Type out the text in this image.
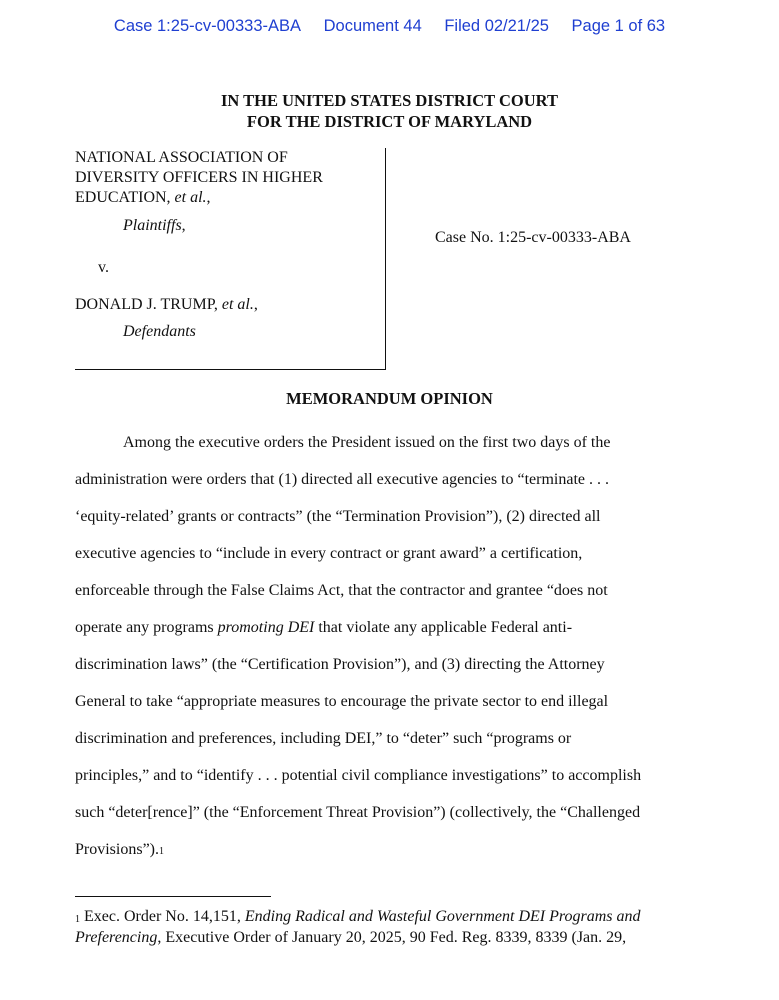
Case 1:25-cv-00333-ABA Document 44 Filed 02/21/25 Page 1 of 63
IN THE UNITED STATES DISTRICT COURT
FOR THE DISTRICT OF MARYLAND
NATIONAL ASSOCIATION OF
DIVERSITY OFFICERS IN HIGHER
EDUCATION, et al.,
Plaintiffs,
v.
DONALD J. TRUMP, et al.,
Defendants
Case No. 1:25-cv-00333-ABA
MEMORANDUM OPINION
Among the executive orders the President issued on the first two days of the
administration were orders that (1) directed all executive agencies to “terminate . . .
‘equity-related’ grants or contracts” (the “Termination Provision”), (2) directed all
executive agencies to “include in every contract or grant award” a certification,
enforceable through the False Claims Act, that the contractor and grantee “does not
operate any programs promoting DEI that violate any applicable Federal anti-
discrimination laws” (the “Certification Provision”), and (3) directing the Attorney
General to take “appropriate measures to encourage the private sector to end illegal
discrimination and preferences, including DEI,” to “deter” such “programs or
principles,” and to “identify . . . potential civil compliance investigations” to accomplish
such “deter[rence]” (the “Enforcement Threat Provision”) (collectively, the “Challenged
Provisions”).$^1$
$^1$ Exec. Order No. 14,151, Ending Radical and Wasteful Government DEI Programs and
Preferencing, Executive Order of January 20, 2025, 90 Fed. Reg. 8339, 8339 (Jan. 29,
